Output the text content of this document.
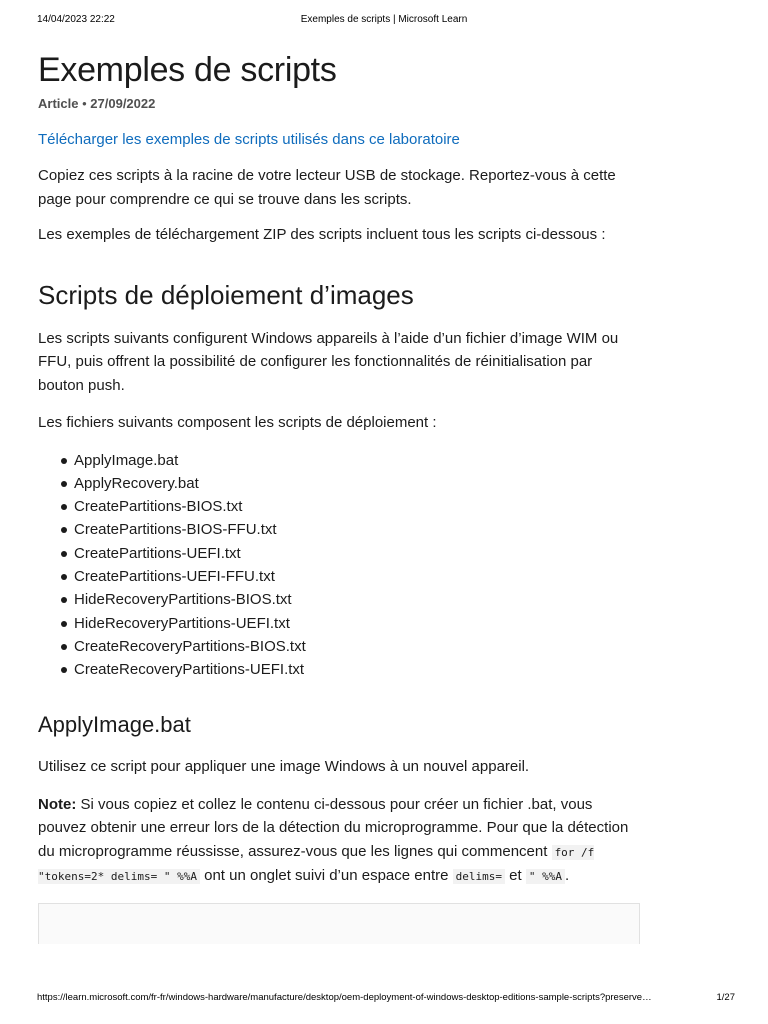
14/04/2023 22:22	Exemples de scripts | Microsoft Learn
Exemples de scripts
Article • 27/09/2022
Télécharger les exemples de scripts utilisés dans ce laboratoire

Copiez ces scripts à la racine de votre lecteur USB de stockage. Reportez-vous à cette page pour comprendre ce qui se trouve dans les scripts.

Les exemples de téléchargement ZIP des scripts incluent tous les scripts ci-dessous :

Scripts de déploiement d’images

Les scripts suivants configurent Windows appareils à l’aide d’un fichier d’image WIM ou FFU, puis offrent la possibilité de configurer les fonctionnalités de réinitialisation par bouton push.

Les fichiers suivants composent les scripts de déploiement :

ApplyImage.bat
ApplyRecovery.bat
CreatePartitions-BIOS.txt
CreatePartitions-BIOS-FFU.txt
CreatePartitions-UEFI.txt
CreatePartitions-UEFI-FFU.txt
HideRecoveryPartitions-BIOS.txt
HideRecoveryPartitions-UEFI.txt
CreateRecoveryPartitions-BIOS.txt
CreateRecoveryPartitions-UEFI.txt
ApplyImage.bat

Utilisez ce script pour appliquer une image Windows à un nouvel appareil.

Note: Si vous copiez et collez le contenu ci-dessous pour créer un fichier .bat, vous pouvez obtenir une erreur lors de la détection du microprogramme. Pour que la détection du microprogramme réussisse, assurez-vous que les lignes qui commencent for /f "tokens=2* delims= " %%A ont un onglet suivi d’un espace entre delims= et " %%A .

https://learn.microsoft.com/fr-fr/windows-hardware/manufacture/desktop/oem-deployment-of-windows-desktop-editions-sample-scripts?preserve…	1/27
